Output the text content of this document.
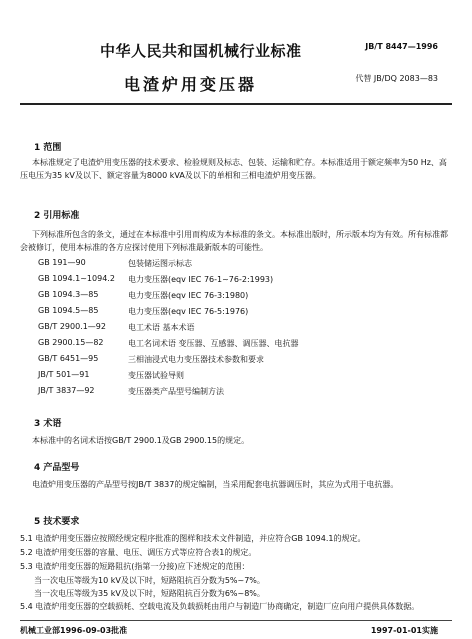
中华人民共和国机械行业标准	JB/T 8447—1996
电渣炉用变压器	代替 JB/DQ 2083—83
1 范围
本标准规定了电渣炉用变压器的技术要求、检验规则及标志、包装、运输和贮存。本标准适用于额定频率为50 Hz、高压电压为35 kV及以下、额定容量为8000 kVA及以下的单相和三相电渣炉用变压器。
2 引用标准
下列标准所包含的条文，通过在本标准中引用而构成为本标准的条文。本标准出版时，所示版本均为有效。所有标准都会被修订，使用本标准的各方应探讨使用下列标准最新版本的可能性。
GB 191—90	包装储运图示标志
GB 1094.1~1094.2	电力变压器(eqv IEC 76-1~76-2:1993)
GB 1094.3—85	电力变压器(eqv IEC 76-3:1980)
GB 1094.5—85	电力变压器(eqv IEC 76-5:1976)
GB/T 2900.1—92	电工术语 基本术语
GB 2900.15—82	电工名词术语 变压器、互感器、调压器、电抗器
GB/T 6451—95	三相油浸式电力变压器技术参数和要求
JB/T 501—91	变压器试验导则
JB/T 3837—92	变压器类产品型号编制方法
3 术语
本标准中的名词术语按GB/T 2900.1及GB 2900.15的规定。
4 产品型号
电渣炉用变压器的产品型号按JB/T 3837的规定编制，当采用配套电抗器调压时，其应为式用于电抗器。
5 技术要求
5.1 电渣炉用变压器应按照经规定程序批准的图样和技术文件制造，并应符合GB 1094.1的规定。
5.2 电渣炉用变压器的容量、电压、调压方式等应符合表1的规定。
5.3 电渣炉用变压器的短路阻抗(指第一分接)应下述规定的范围：
当一次电压等级为10 kV及以下时，短路阻抗百分数为5%~7%。
当一次电压等级为35 kV及以下时，短路阻抗百分数为6%~8%。
5.4 电渣炉用变压器的空载损耗、空载电流及负载损耗由用户与制造厂协商确定，制造厂应向用户提供具体数据。
机械工业部1996-09-03批准	1997-01-01实施
